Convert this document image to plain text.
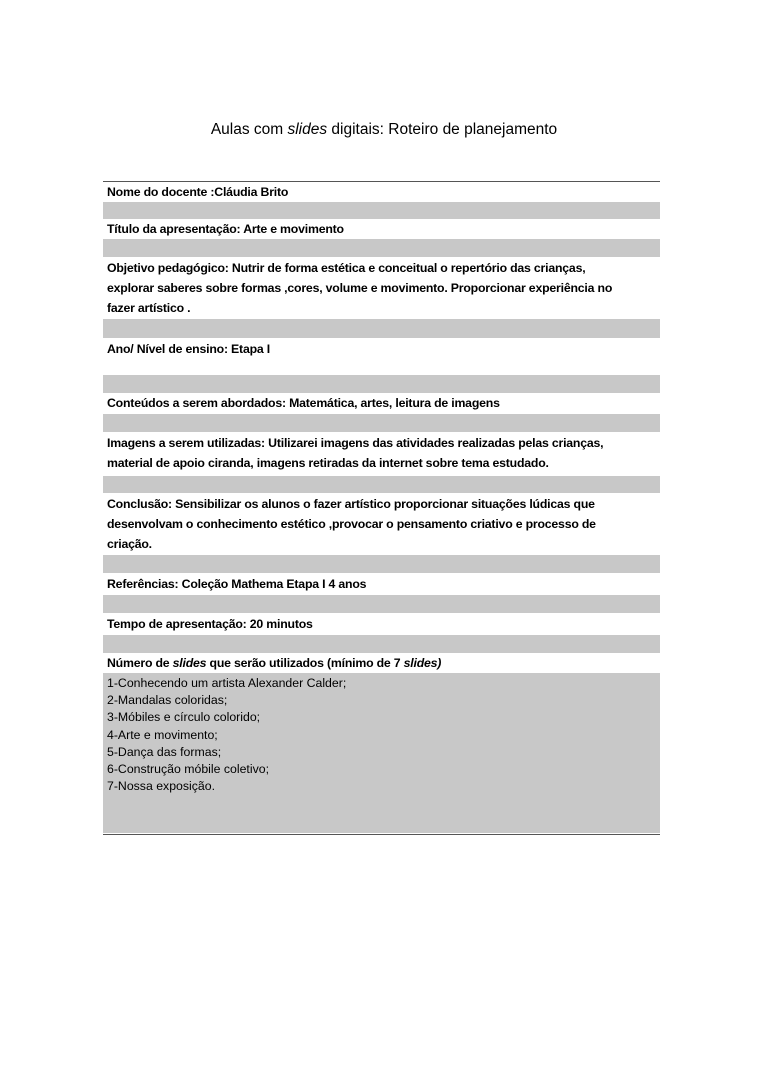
Aulas com slides digitais: Roteiro de planejamento
Nome do docente :Cláudia Brito
Título da apresentação: Arte e movimento
Objetivo pedagógico: Nutrir de forma estética e conceitual o repertório das crianças,
explorar saberes sobre formas ,cores, volume e movimento. Proporcionar experiência no
fazer artístico .
Ano/ Nível de ensino: Etapa I
Conteúdos a serem abordados: Matemática, artes, leitura de imagens
Imagens a serem utilizadas: Utilizarei imagens das atividades realizadas pelas crianças,
material de apoio ciranda, imagens retiradas da internet sobre tema estudado.
Conclusão: Sensibilizar os alunos o fazer artístico proporcionar situações lúdicas que
desenvolvam o conhecimento estético ,provocar o pensamento criativo e processo de
criação.
Referências: Coleção Mathema Etapa I 4 anos
Tempo de apresentação: 20 minutos
Número de slides que serão utilizados (mínimo de 7 slides)
1-Conhecendo um artista Alexander Calder;
2-Mandalas coloridas;
3-Móbiles e círculo colorido;
4-Arte e movimento;
5-Dança das formas;
6-Construção móbile coletivo;
7-Nossa exposição.
